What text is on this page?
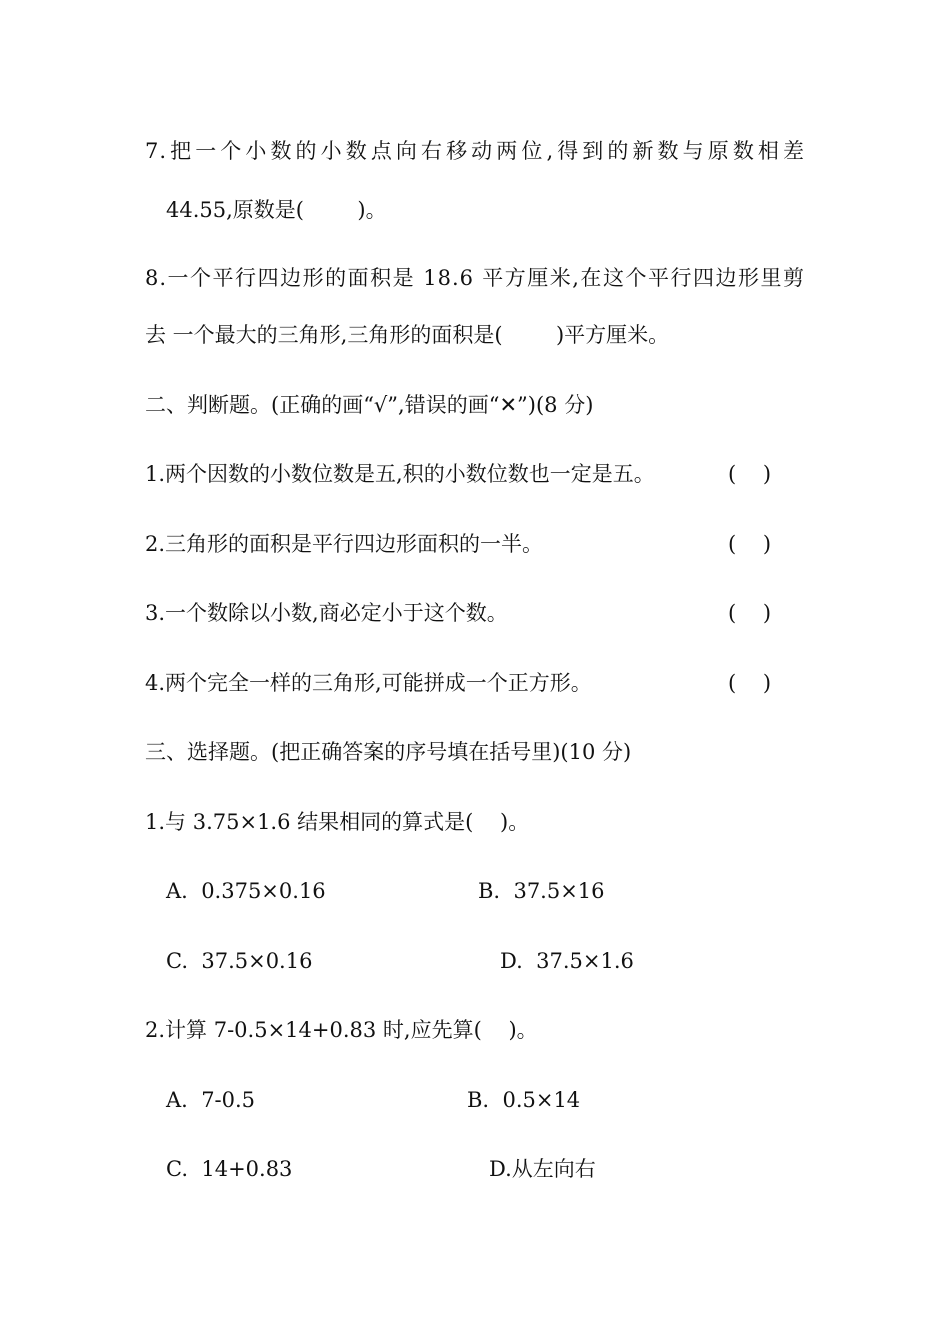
7.把一个小数的小数点向右移动两位,得到的新数与原数相差
44.55,原数是(        )。
8.一个平行四边形的面积是 18.6 平方厘米,在这个平行四边形里剪
去 一个最大的三角形,三角形的面积是(        )平方厘米。
二、判断题。(正确的画“√”,错误的画“✕”)(8 分)
1.两个因数的小数位数是五,积的小数位数也一定是五。	(    )
2.三角形的面积是平行四边形面积的一半。	(    )
3.一个数除以小数,商必定小于这个数。	(    )
4.两个完全一样的三角形,可能拼成一个正方形。	(    )
三、选择题。(把正确答案的序号填在括号里)(10 分)
1.与 3.75×1.6 结果相同的算式是(    )。
A.  0.375×0.16	B.  37.5×16
C.  37.5×0.16	D.  37.5×1.6
2.计算 7-0.5×14+0.83 时,应先算(    )。
A.  7-0.5	B.  0.5×14
C.  14+0.83	D.从左向右
